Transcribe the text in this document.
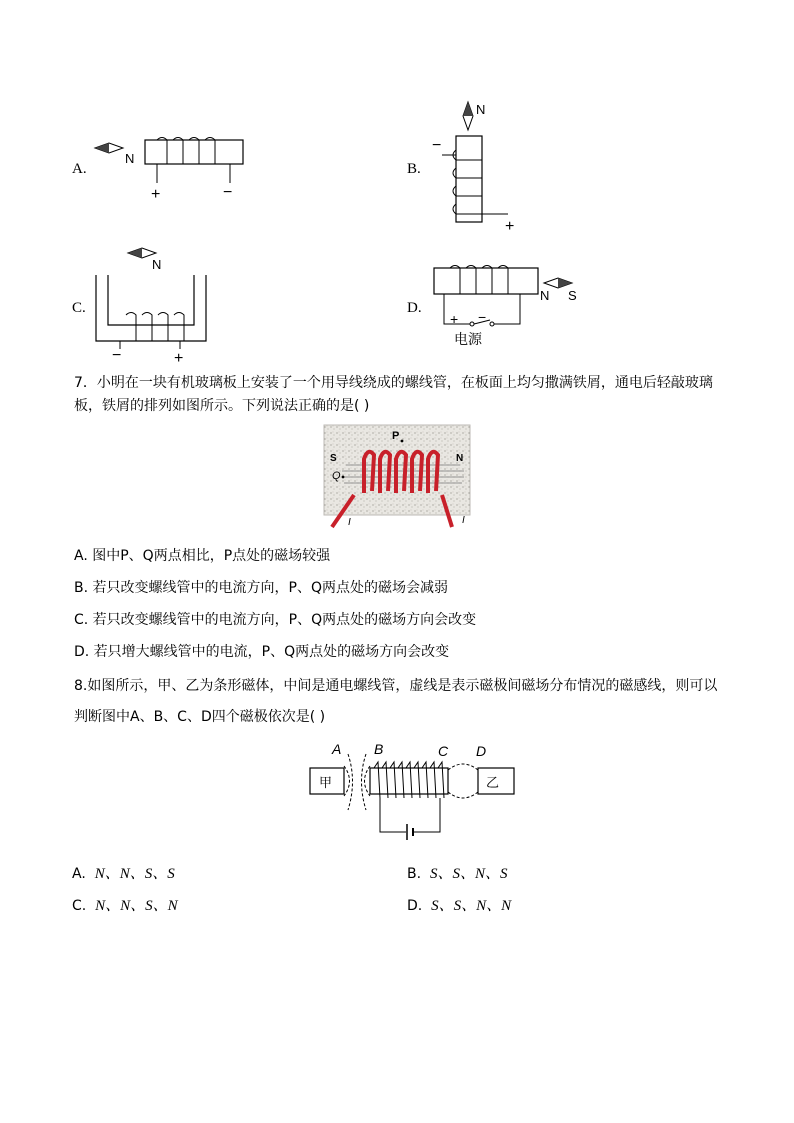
A.
N
+	−
B.
N
−
+
C.
N
−	+
D.
N S
+ −
电源
7．小明在一块有机玻璃板上安装了一个用导线绕成的螺线管，在板面上均匀撒满铁屑，通电后轻敲玻璃
板，铁屑的排列如图所示。下列说法正确的是( )
P
S	N
Q
I	I
A. 图中P、Q两点相比，P点处的磁场较强
B. 若只改变螺线管中的电流方向，P、Q两点处的磁场会减弱
C. 若只改变螺线管中的电流方向，P、Q两点处的磁场方向会改变
D. 若只增大螺线管中的电流，P、Q两点处的磁场方向会改变
8.如图所示，甲、乙为条形磁体，中间是通电螺线管，虚线是表示磁极间磁场分布情况的磁感线，则可以
判断图中A、B、C、D四个磁极依次是( )
甲	乙
A B	C D
A. N、N、S、S	B. S、S、N、S
C. N、N、S、N	D. S、S、N、N
